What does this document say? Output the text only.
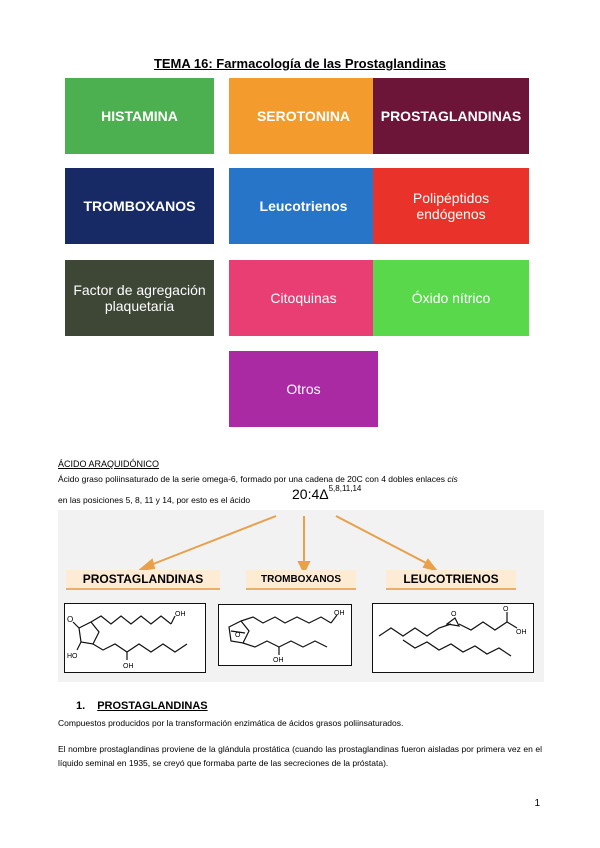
TEMA 16: Farmacología de las Prostaglandinas
HISTAMINA	SEROTONINA PROSTAGLANDINAS
TROMBOXANOS	Leucotrienos	Polipéptidos
endógenos
Factor de agregación
plaquetaria	Citoquinas	Óxido nítrico
Otros
ÁCIDO ARAQUIDÓNICO
Ácido graso poliinsaturado de la serie omega-6, formado por una cadena de 20C con 4 dobles enlaces cis
en las posiciones 5, 8, 11 y 14, por esto es el ácido	$20:4\Delta^{5,8,11,14}$
PROSTAGLANDINAS	TROMBOXANOS	LEUCOTRIENOS
O
OH
HO
OH
O
OH
OH
O
O
OH
1. PROSTAGLANDINAS
Compuestos producidos por la transformación enzimática de ácidos grasos poliinsaturados.
El nombre prostaglandinas proviene de la glándula prostática (cuando las prostaglandinas fueron aisladas por primera vez en el líquido seminal en 1935, se creyó que formaba parte de las secreciones de la próstata).
1
